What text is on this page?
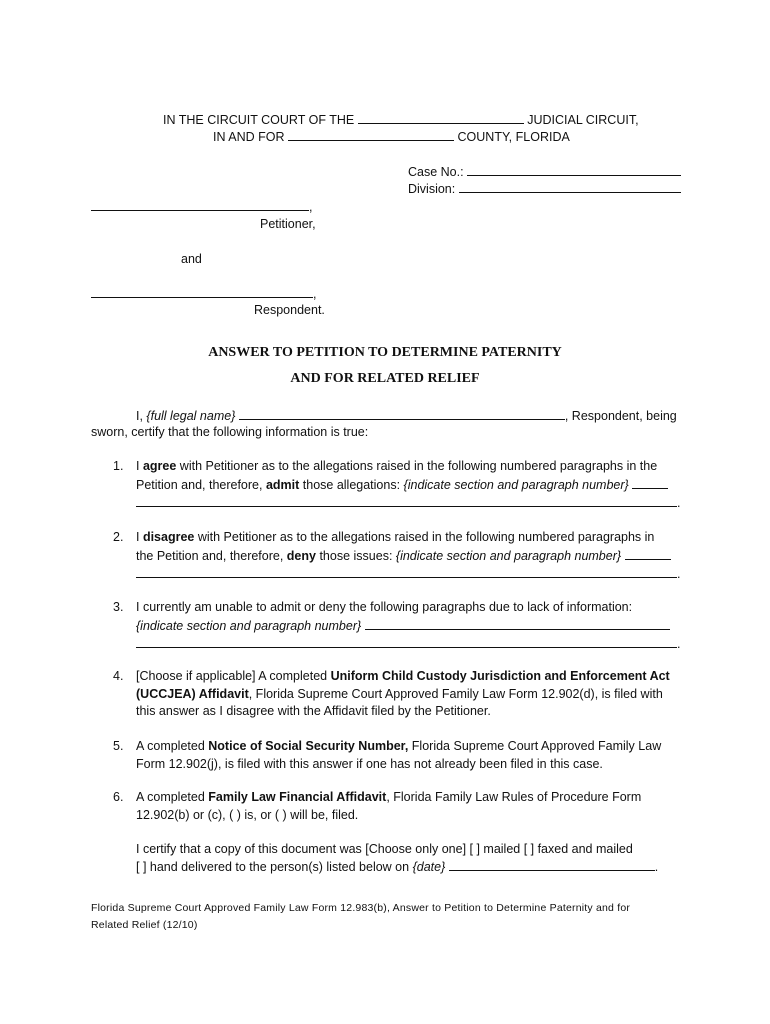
IN THE CIRCUIT COURT OF THE	JUDICIAL CIRCUIT,
IN AND FOR	COUNTY, FLORIDA
Case No.:
Division:
,
Petitioner,
and
,
Respondent.
ANSWER TO PETITION TO DETERMINE PATERNITY
AND FOR RELATED RELIEF
I, {full legal name}	, Respondent, being
sworn, certify that the following information is true:
1. I agree with Petitioner as to the allegations raised in the following numbered paragraphs in the
Petition and, therefore, admit those allegations: {indicate section and paragraph number}
.
2. I disagree with Petitioner as to the allegations raised in the following numbered paragraphs in
the Petition and, therefore, deny those issues: {indicate section and paragraph number}
.
3. I currently am unable to admit or deny the following paragraphs due to lack of information:
{indicate section and paragraph number}
.
4. [Choose if applicable] A completed Uniform Child Custody Jurisdiction and Enforcement Act
(UCCJEA) Affidavit, Florida Supreme Court Approved Family Law Form 12.902(d), is filed with
this answer as I disagree with the Affidavit filed by the Petitioner.
5. A completed Notice of Social Security Number, Florida Supreme Court Approved Family Law
Form 12.902(j), is filed with this answer if one has not already been filed in this case.
6. A completed Family Law Financial Affidavit, Florida Family Law Rules of Procedure Form
12.902(b) or (c), ( ) is, or ( ) will be, filed.
I certify that a copy of this document was [Choose only one] [ ] mailed [ ] faxed and mailed
[ ] hand delivered to the person(s) listed below on {date}	.
Florida Supreme Court Approved Family Law Form 12.983(b), Answer to Petition to Determine Paternity and for
Related Relief (12/10)
